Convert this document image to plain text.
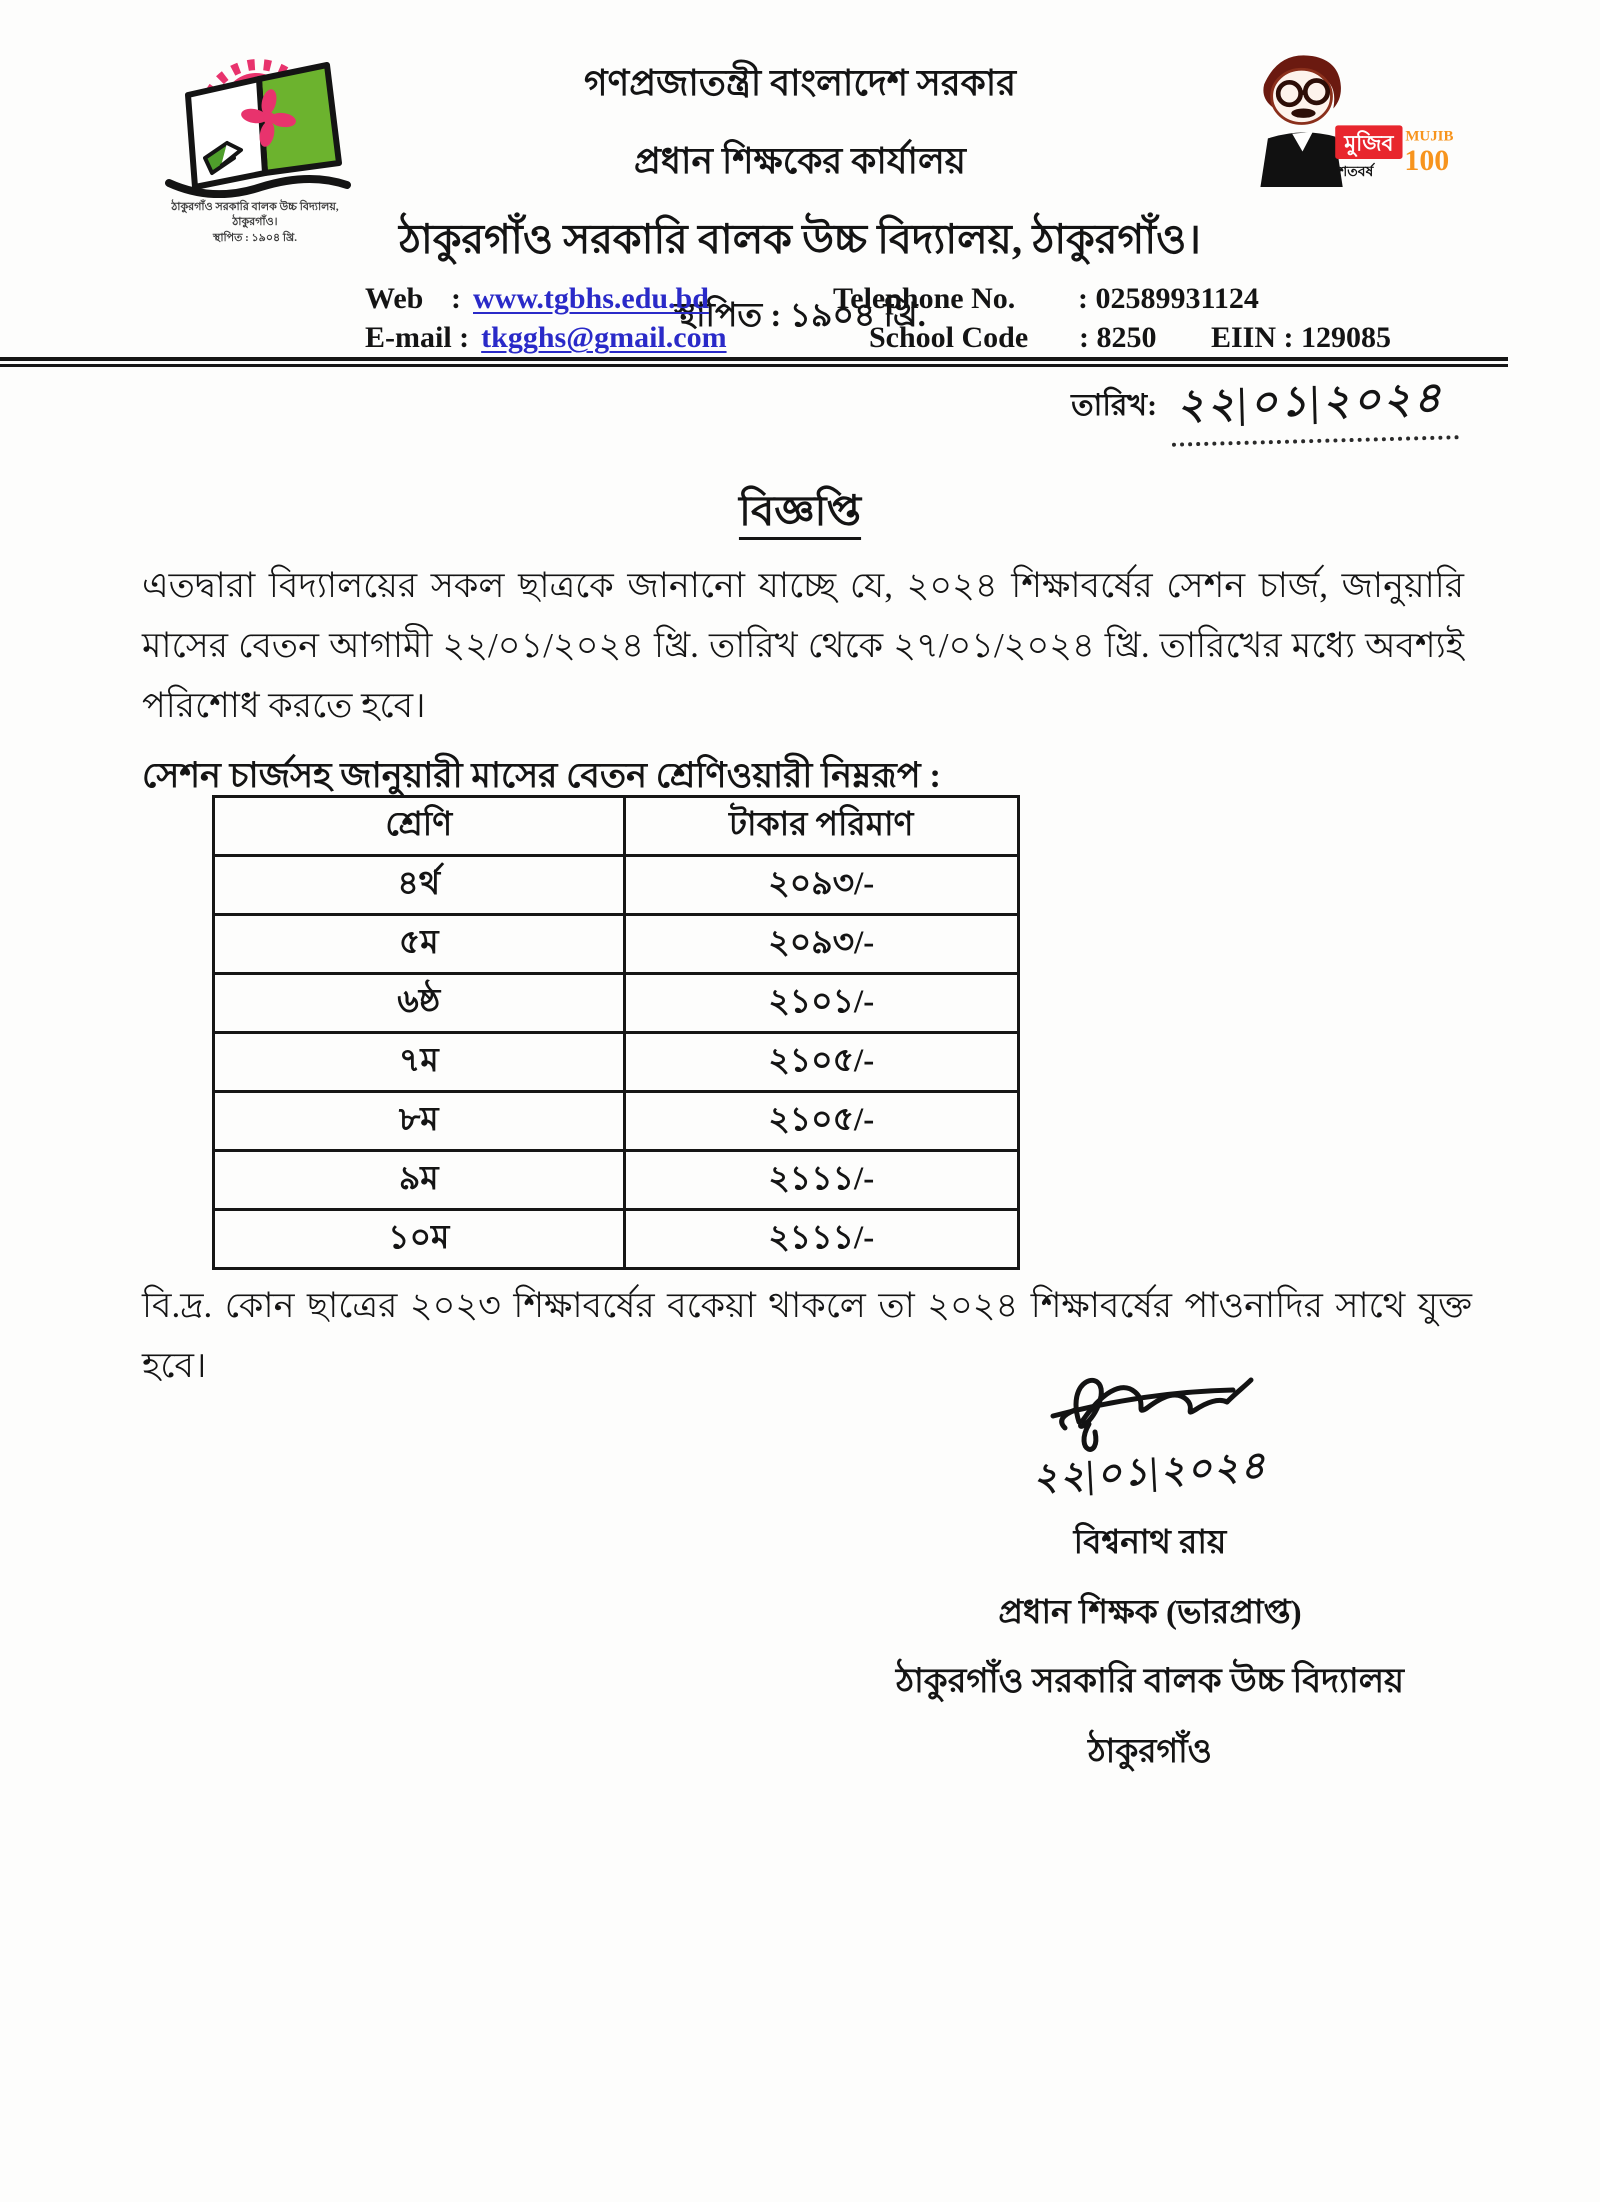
ঠাকুরগাঁও সরকারি বালক উচ্চ বিদ্যালয়, ঠাকুরগাঁও।
স্থাপিত : ১৯০৪ খ্রি.
মুজিব MUJIB
100
শতবর্ষ
গণপ্রজাতন্ত্রী বাংলাদেশ সরকার
প্রধান শিক্ষকের কার্যালয়
ঠাকুরগাঁও সরকারি বালক উচ্চ বিদ্যালয়, ঠাকুরগাঁও।
স্থাপিত : ১৯০৪ খ্রি.
Web : www.tgbhs.edu.bd	Telephone No.	: 02589931124
E-mail : tkgghs@gmail.com	School Code	: 8250	EIIN : 129085
তারিখ: ২২|০১|২০২৪
বিজ্ঞপ্তি
এতদ্বারা বিদ্যালয়ের সকল ছাত্রকে জানানো যাচ্ছে যে, ২০২৪ শিক্ষাবর্ষের সেশন চার্জ, জানুয়ারি মাসের বেতন আগামী ২২/০১/২০২৪ খ্রি. তারিখ থেকে ২৭/০১/২০২৪ খ্রি. তারিখের মধ্যে অবশ্যই পরিশোধ করতে হবে।
সেশন চার্জসহ জানুয়ারী মাসের বেতন শ্রেণিওয়ারী নিম্নরূপ :
শ্রেণি	টাকার পরিমাণ
৪র্থ	২০৯৩/-
৫ম	২০৯৩/-
৬ষ্ঠ	২১০১/-
৭ম	২১০৫/-
৮ম	২১০৫/-
৯ম	২১১১/-
১০ম	২১১১/-
বি.দ্র. কোন ছাত্রের ২০২৩ শিক্ষাবর্ষের বকেয়া থাকলে তা ২০২৪ শিক্ষাবর্ষের পাওনাদির সাথে যুক্ত হবে।
২২|০১|২০২৪
বিশ্বনাথ রায়
প্রধান শিক্ষক (ভারপ্রাপ্ত)
ঠাকুরগাঁও সরকারি বালক উচ্চ বিদ্যালয়
ঠাকুরগাঁও
